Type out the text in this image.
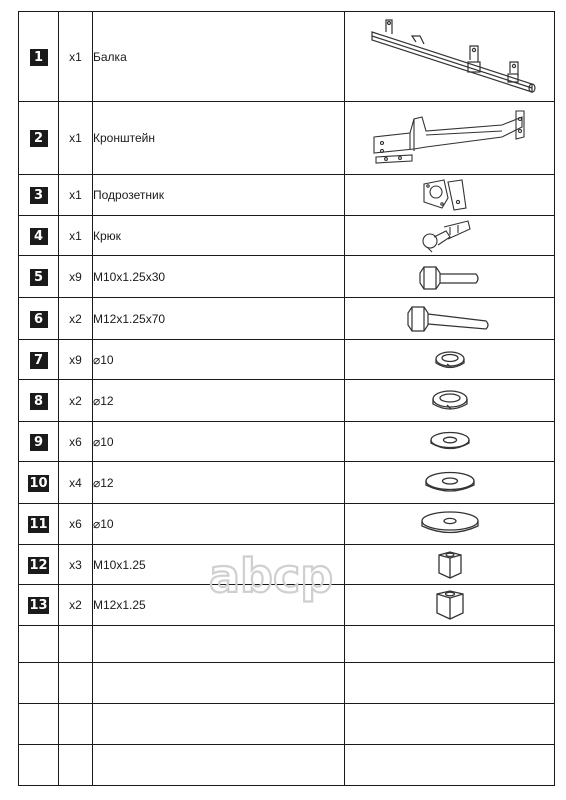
1	x1	Балка	

2	x1	Кронштейн	

3	x1	Подрозетник	

4	x1	Крюк	

5	x9	M10x1.25x30	

6	x2	M12x1.25x70	

7	x9	⌀10	

8	x2	⌀12	

9	x6	⌀10	

10	x4	⌀12	

11	x6	⌀10	

12	x3	M10x1.25	

13	x2	M12x1.25	

abcp
